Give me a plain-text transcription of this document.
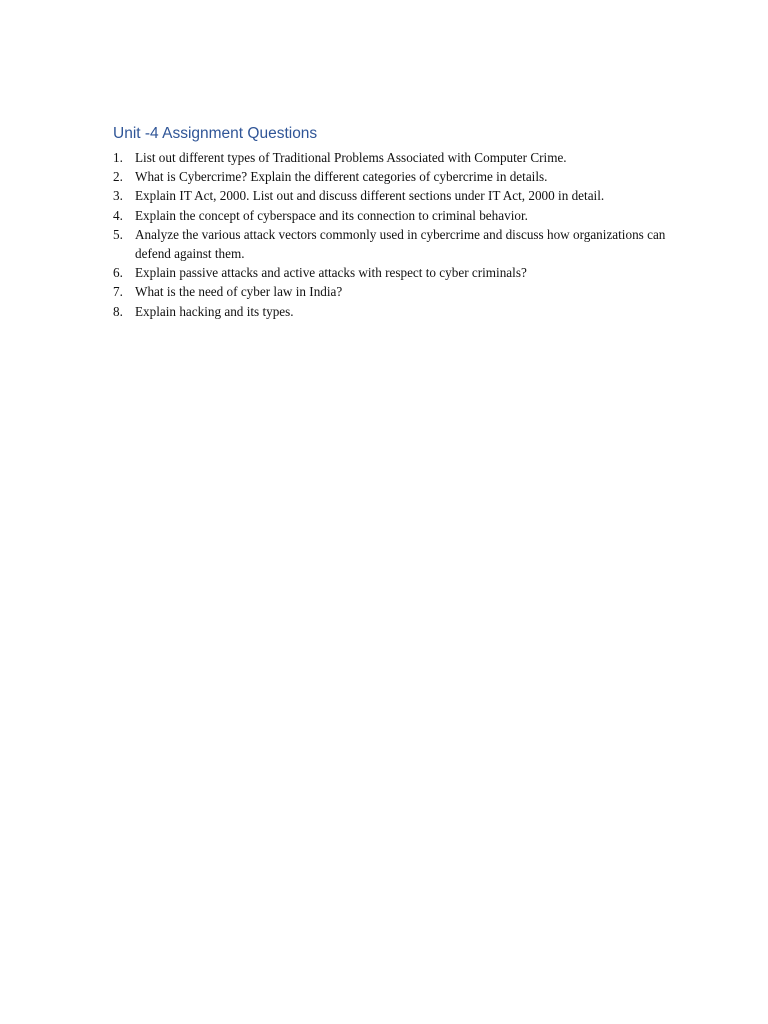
Unit -4 Assignment Questions
1. List out different types of Traditional Problems Associated with Computer Crime.
2. What is Cybercrime? Explain the different categories of cybercrime in details.
3. Explain IT Act, 2000. List out and discuss different sections under IT Act, 2000 in detail.
4. Explain the concept of cyberspace and its connection to criminal behavior.
5. Analyze the various attack vectors commonly used in cybercrime and discuss how organizations can defend against them.
6. Explain passive attacks and active attacks with respect to cyber criminals?
7. What is the need of cyber law in India?
8. Explain hacking and its types.
